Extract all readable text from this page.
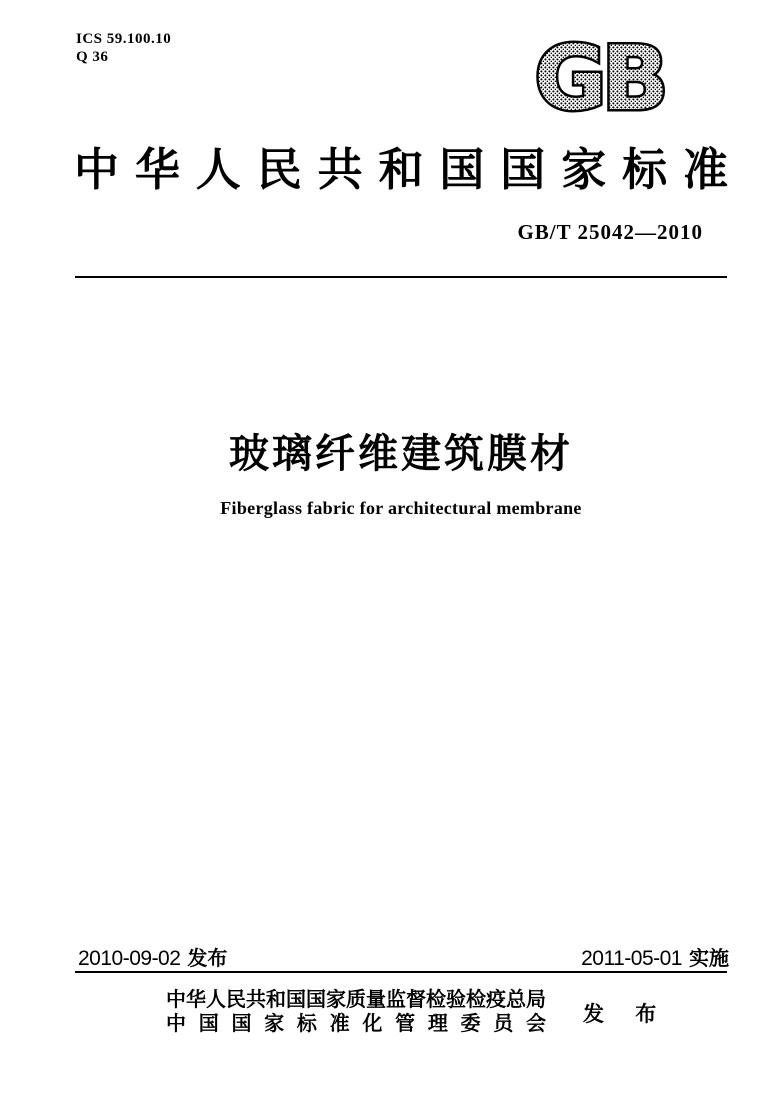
ICS 59.100.10
Q 36	GB
中华人民共和国国家标准
GB/T 25042—2010
玻璃纤维建筑膜材
Fiberglass fabric for architectural membrane
2010-09-02 发布	2011-05-01 实施
中华人民共和国国家质量监督检验检疫总局
中国国家标准化管理委员会 发 布
